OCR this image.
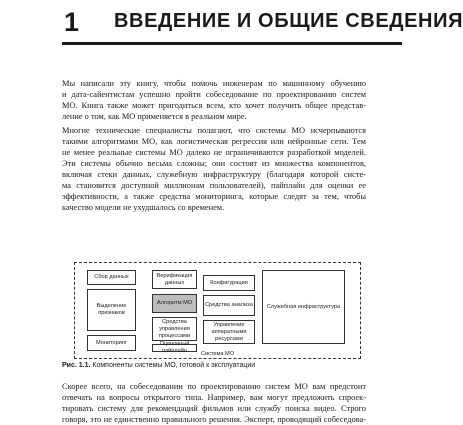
1 ВВЕДЕНИЕ И ОБЩИЕ СВЕДЕНИЯ
Мы написали эту книгу, чтобы помочь инженерам по машинному обучению
и дата-сайентистам успешно пройти собеседование по проектированию систем
МО. Книга также может пригодиться всем, кто хочет получить общее представ-
ление о том, как МО применяется в реальном мире.
Многие технические специалисты полагают, что системы МО исчерпываются
такими алгоритмами МО, как логистическая регрессия или нейронные сети. Тем
не менее реальные системы МО далеко не ограничиваются разработкой моделей.
Эти системы обычно весьма сложны; они состоят из множества компонентов,
включая стеки данных, служебную инфраструктуру (благодаря которой систе-
ма становится доступной миллионам пользователей), пайплайн для оценки ее
эффективности, а также средства мониторинга, которые следят за тем, чтобы
качество модели не ухудшалось со временем.
Сбор данных	Верификация данных	Конфигурация
Выделение признаков
Алгоритм МО	Средства анализа	Служебная инфраструктура
Средства управления процессами
Мониторинг
Управление аппаратными ресурсами
Оценочный пайплайн	Система МО
Рис. 1.1. Компоненты системы МО, готовой к эксплуатации
Скорее всего, на собеседовании по проектированию систем МО вам предстоит
отвечать на вопросы открытого типа. Например, вам могут предложить спроек-
тировать систему для рекомендаций фильмов или службу поиска видео. Строго
говоря, это не единственно правильного решения. Эксперт, проводящий собеседова-
